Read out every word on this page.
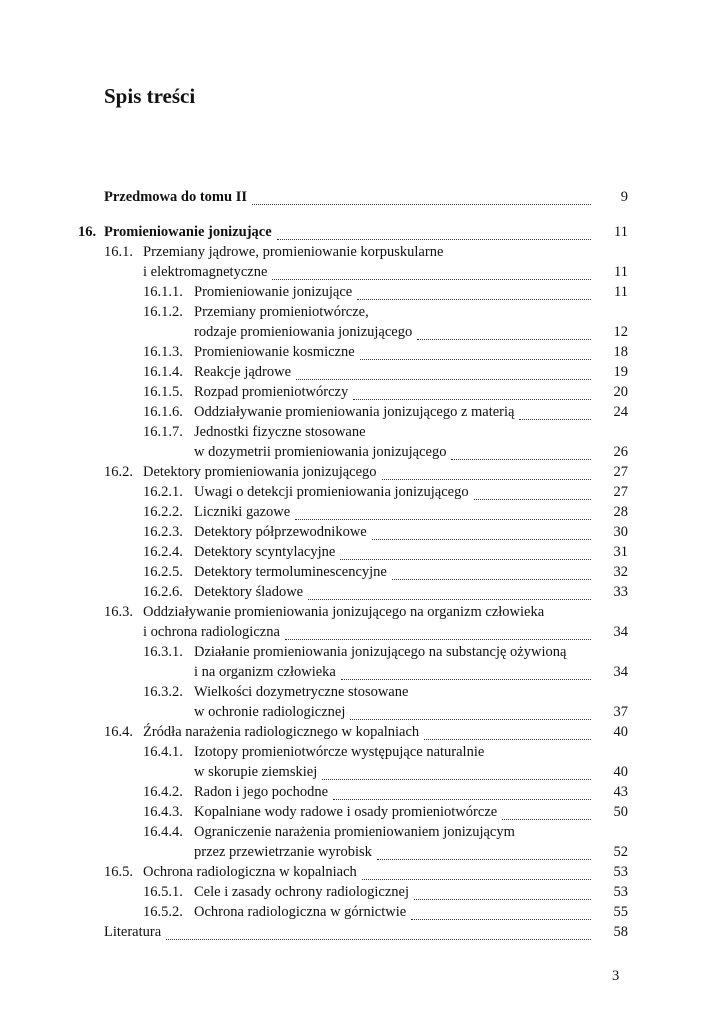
Spis treści
Przedmowa do tomu II	9
16. Promieniowanie jonizujące	11
16.1. Przemiany jądrowe, promieniowanie korpuskularne
i elektromagnetyczne	11
16.1.1. Promieniowanie jonizujące	11
16.1.2. Przemiany promieniotwórcze,
rodzaje promieniowania jonizującego	12
16.1.3. Promieniowanie kosmiczne	18
16.1.4. Reakcje jądrowe	19
16.1.5. Rozpad promieniotwórczy	20
16.1.6. Oddziaływanie promieniowania jonizującego z materią	24
16.1.7. Jednostki fizyczne stosowane
w dozymetrii promieniowania jonizującego	26
16.2. Detektory promieniowania jonizującego	27
16.2.1. Uwagi o detekcji promieniowania jonizującego	27
16.2.2. Liczniki gazowe	28
16.2.3. Detektory półprzewodnikowe	30
16.2.4. Detektory scyntylacyjne	31
16.2.5. Detektory termoluminescencyjne	32
16.2.6. Detektory śladowe	33
16.3. Oddziaływanie promieniowania jonizującego na organizm człowieka
i ochrona radiologiczna	34
16.3.1. Działanie promieniowania jonizującego na substancję ożywioną
i na organizm człowieka	34
16.3.2. Wielkości dozymetryczne stosowane
w ochronie radiologicznej	37
16.4. Źródła narażenia radiologicznego w kopalniach	40
16.4.1. Izotopy promieniotwórcze występujące naturalnie
w skorupie ziemskiej	40
16.4.2. Radon i jego pochodne	43
16.4.3. Kopalniane wody radowe i osady promieniotwórcze	50
16.4.4. Ograniczenie narażenia promieniowaniem jonizującym
przez przewietrzanie wyrobisk	52
16.5. Ochrona radiologiczna w kopalniach	53
16.5.1. Cele i zasady ochrony radiologicznej	53
16.5.2. Ochrona radiologiczna w górnictwie	55
Literatura	58
3
